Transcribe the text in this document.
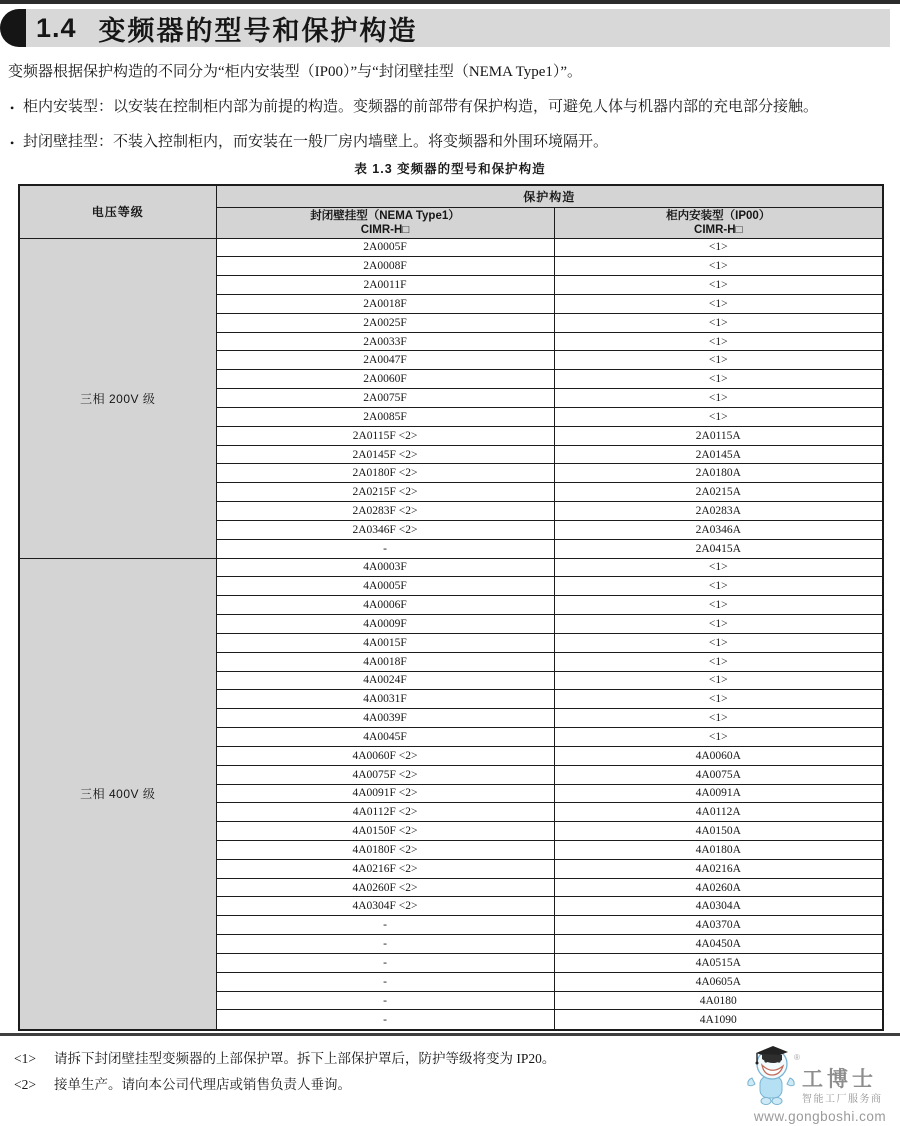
1.4 变频器的型号和保护构造

变频器根据保护构造的不同分为“柜内安装型（IP00）”与“封闭壁挂型（NEMA Type1）”。

• 柜内安装型：以安装在控制柜内部为前提的构造。变频器的前部带有保护构造，可避免人体与机器内部的充电部分接触。
• 封闭壁挂型：不装入控制柜内，而安装在一般厂房内墙壁上。将变频器和外围环境隔开。
表 1.3 变频器的型号和保护构造
电压等级	保护构造	

封闭壁挂型（NEMA Type1）
CIMR-H□

柜内安装型（IP00）
CIMR-H□

三相 200V 级	2A0005F	<1>
	2A0008F	<1>
	2A0011F	<1>
	2A0018F	<1>
	2A0025F	<1>
	2A0033F	<1>
	2A0047F	<1>
	2A0060F	<1>
	2A0075F	<1>
	2A0085F	<1>
	2A0115F <2>	2A0115A
	2A0145F <2>	2A0145A
	2A0180F <2>	2A0180A
	2A0215F <2>	2A0215A
	2A0283F <2>	2A0283A
	2A0346F <2>	2A0346A
	-	2A0415A
三相 400V 级	4A0003F	<1>
	4A0005F	<1>
	4A0006F	<1>
	4A0009F	<1>
	4A0015F	<1>
	4A0018F	<1>
	4A0024F	<1>
	4A0031F	<1>
	4A0039F	<1>
	4A0045F	<1>
	4A0060F <2>	4A0060A
	4A0075F <2>	4A0075A
	4A0091F <2>	4A0091A
	4A0112F <2>	4A0112A
	4A0150F <2>	4A0150A
	4A0180F <2>	4A0180A
	4A0216F <2>	4A0216A
	4A0260F <2>	4A0260A
	4A0304F <2>	4A0304A
	-	4A0370A
	-	4A0450A
	-	4A0515A
	-	4A0605A
	-	4A0180
	-	4A1090
<1>	请拆下封闭壁挂型变频器的上部保护罩。拆下上部保护罩后，防护等级将变为 IP20。
<2>	接单生产。请向本公司代理店或销售负责人垂询。
®
工博士
智能工厂服务商
www.gongboshi.com
